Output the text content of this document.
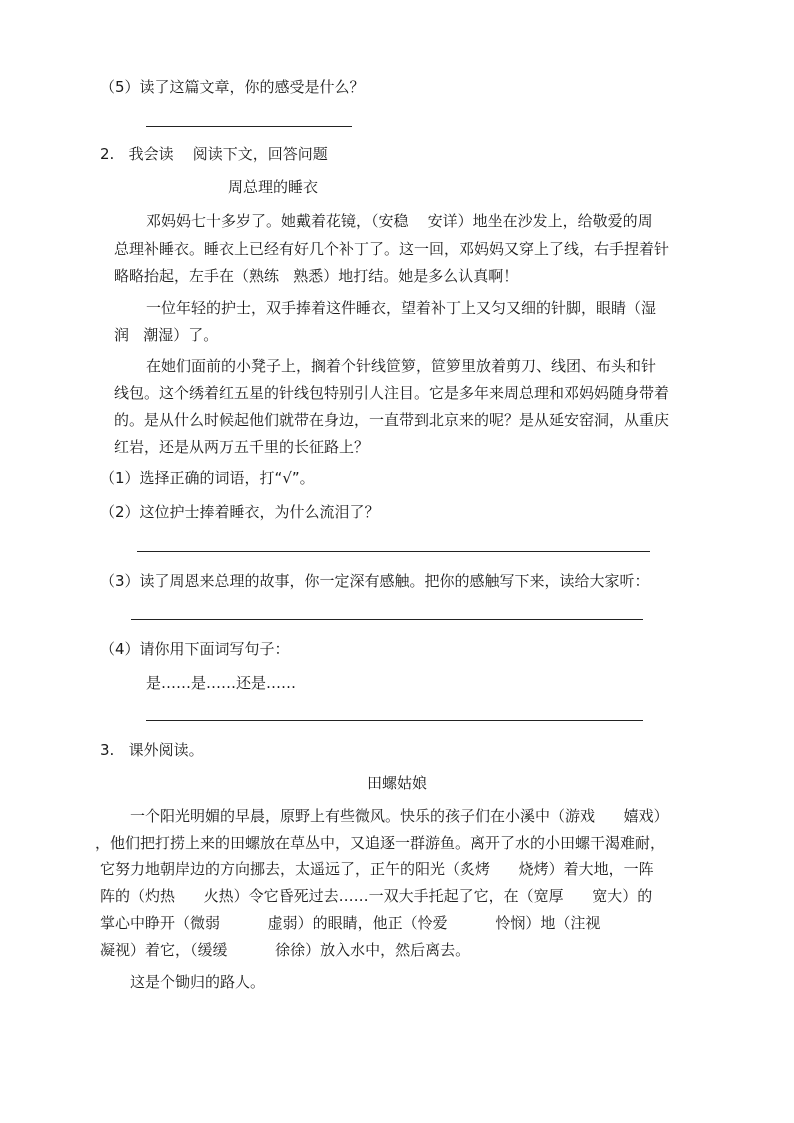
（5）读了这篇文章，你的感受是什么？
2.   我会读    阅读下文，回答问题
周总理的睡衣
邓妈妈七十多岁了。她戴着花镜，（安稳    安详）地坐在沙发上，给敬爱的周
总理补睡衣。睡衣上已经有好几个补丁了。这一回，邓妈妈又穿上了线，右手捏着针
略略抬起，左手在（熟练   熟悉）地打结。她是多么认真啊！
一位年轻的护士，双手捧着这件睡衣，望着补丁上又匀又细的针脚，眼睛（湿
润   潮湿）了。
在她们面前的小凳子上，搁着个针线笸箩，笸箩里放着剪刀、线团、布头和针
线包。这个绣着红五星的针线包特别引人注目。它是多年来周总理和邓妈妈随身带着
的。是从什么时候起他们就带在身边，一直带到北京来的呢？是从延安窑洞，从重庆
红岩，还是从两万五千里的长征路上？
（1）选择正确的词语，打“√”。
（2）这位护士捧着睡衣，为什么流泪了？
（3）读了周恩来总理的故事，你一定深有感触。把你的感触写下来，读给大家听：
（4）请你用下面词写句子：
是……是……还是……
3.   课外阅读。
田螺姑娘
一个阳光明媚的早晨，原野上有些微风。快乐的孩子们在小溪中（游戏      嬉戏）
，他们把打捞上来的田螺放在草丛中，又追逐一群游鱼。离开了水的小田螺干渴难耐，
它努力地朝岸边的方向挪去，太遥远了，正午的阳光（炙烤      烧烤）着大地，一阵
阵的（灼热      火热）令它昏死过去……一双大手托起了它，在（宽厚      宽大）的
掌心中睁开（微弱          虚弱）的眼睛，他正（怜爱          怜悯）地（注视
凝视）着它，（缓缓          徐徐）放入水中，然后离去。
这是个锄归的路人。
